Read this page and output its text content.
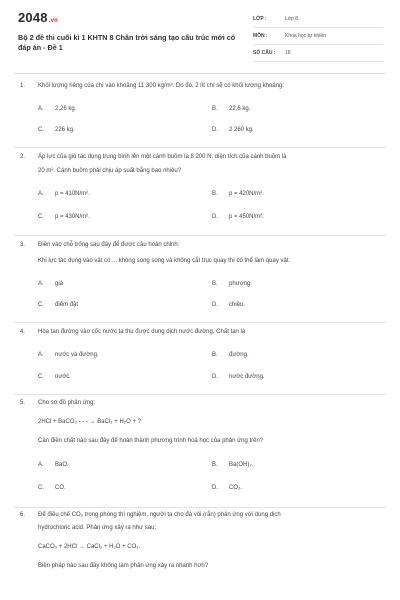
2048.vn
Bộ 2 đề thi cuối kì 1 KHTN 8 Chân trời sáng tạo cấu trúc mới có đáp án - Đề 1
LỚP :	Lớp 8
MÔN :	Khoa học tự nhiên
SỐ CÂU : 18
1. Khối lượng riêng của chì vào khoảng 11 300 kg/m³. Do đó, 2 lít chì sẽ có khối lượng khoảng:
A. 2,26 kg.	B. 22,6 kg.
C. 226 kg.	D. 2 260 kg.
2. Áp lực của gió tác dụng trung bình lên một cánh buồm là 8 200 N, diện tích của cánh buồm là
20 m². Cánh buồm phải chịu áp suất bằng bao nhiêu?
A. p = 410N/m².	B. p = 420N/m².
C. p = 430N/m².	D. p = 450N/m².
3. Điền vào chỗ trống sau đây để được câu hoàn chỉnh:
Khi lực tác dụng vào vật có ... không song song và không cắt trục quay thì có thể làm quay vật.
A. giá	B. phương
C. điểm đặt	D. chiều.
4. Hòa tan đường vào cốc nước ta thu được dung dịch nước đường. Chất tan là
A. nước và đường.	B. đường.
C. nước.	D. nước đường.
5. Cho sơ đồ phản ứng:
2HCl + BaCO₃ - - - → BaCl₂ + H₂O + ?
Cần điền chất nào sau đây để hoàn thành phương trình hoá học của phản ứng trên?
A. BaO.	B. Ba(OH)₂.
C. CO.	D. CO₂.
6. Để điều chế CO₂ trong phòng thí nghiệm, người ta cho đá vôi (rắn) phản ứng với dung dịch
hydrochloric acid. Phản ứng xảy ra như sau:
CaCO₃ + 2HCl → CaCl₂ + H₂O + CO₂.
Biện pháp nào sau đây không làm phản ứng xảy ra nhanh hơn?
